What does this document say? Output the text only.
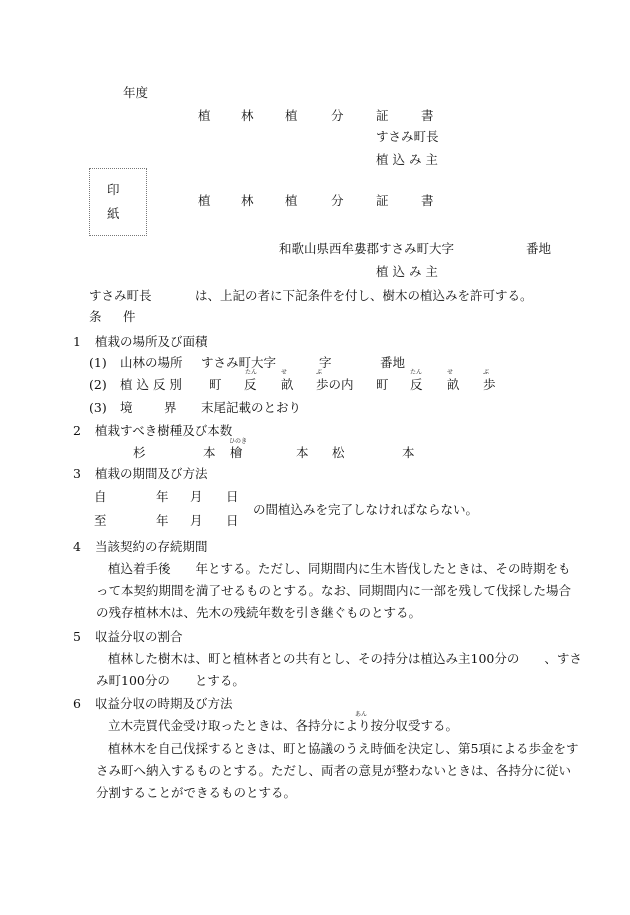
年度
植 林	植	分	証	書
すさみ町長
植 込 み 主
印
紙
植 林	植	分	証	書
和歌山県西牟婁郡すさみ町大字	番地
植 込 み 主
すさみ町長	は、上記の者に下記条件を付し、樹木の植込みを許可する。
条 件
1 植栽の場所及び面積
(1) 山林の場所 すさみ町大字	字	番地
たん	せ	ぶ	たん	せ	ぶ
(2) 植 込 反 別 町 反 畝 歩の内 町 反 畝 歩
(3) 境	界 末尾記載のとおり
2 植栽すべき樹種及び本数
ひのき
杉	本 檜	本 松	本
3 植栽の期間及び方法
自	年 月 日
至	年 月 日
の間植込みを完了しなければならない。
4 当該契約の存続期間
植込着手後　　年とする。ただし、同期間内に生木皆伐したときは、その時期をも
って本契約期間を満了せるものとする。なお、同期間内に一部を残して伐採した場合
の残存植林木は、先木の残続年数を引き継ぐものとする。
5 収益分収の割合
植林した樹木は、町と植林者との共有とし、その持分は植込み主100分の　　、すさ
み町100分の　　とする。
6 収益分収の時期及び方法
あん
立木売買代金受け取ったときは、各持分により按分収受する。
植林木を自己伐採するときは、町と協議のうえ時価を決定し、第5項による歩金をす
さみ町へ納入するものとする。ただし、両者の意見が整わないときは、各持分に従い
分割することができるものとする。
